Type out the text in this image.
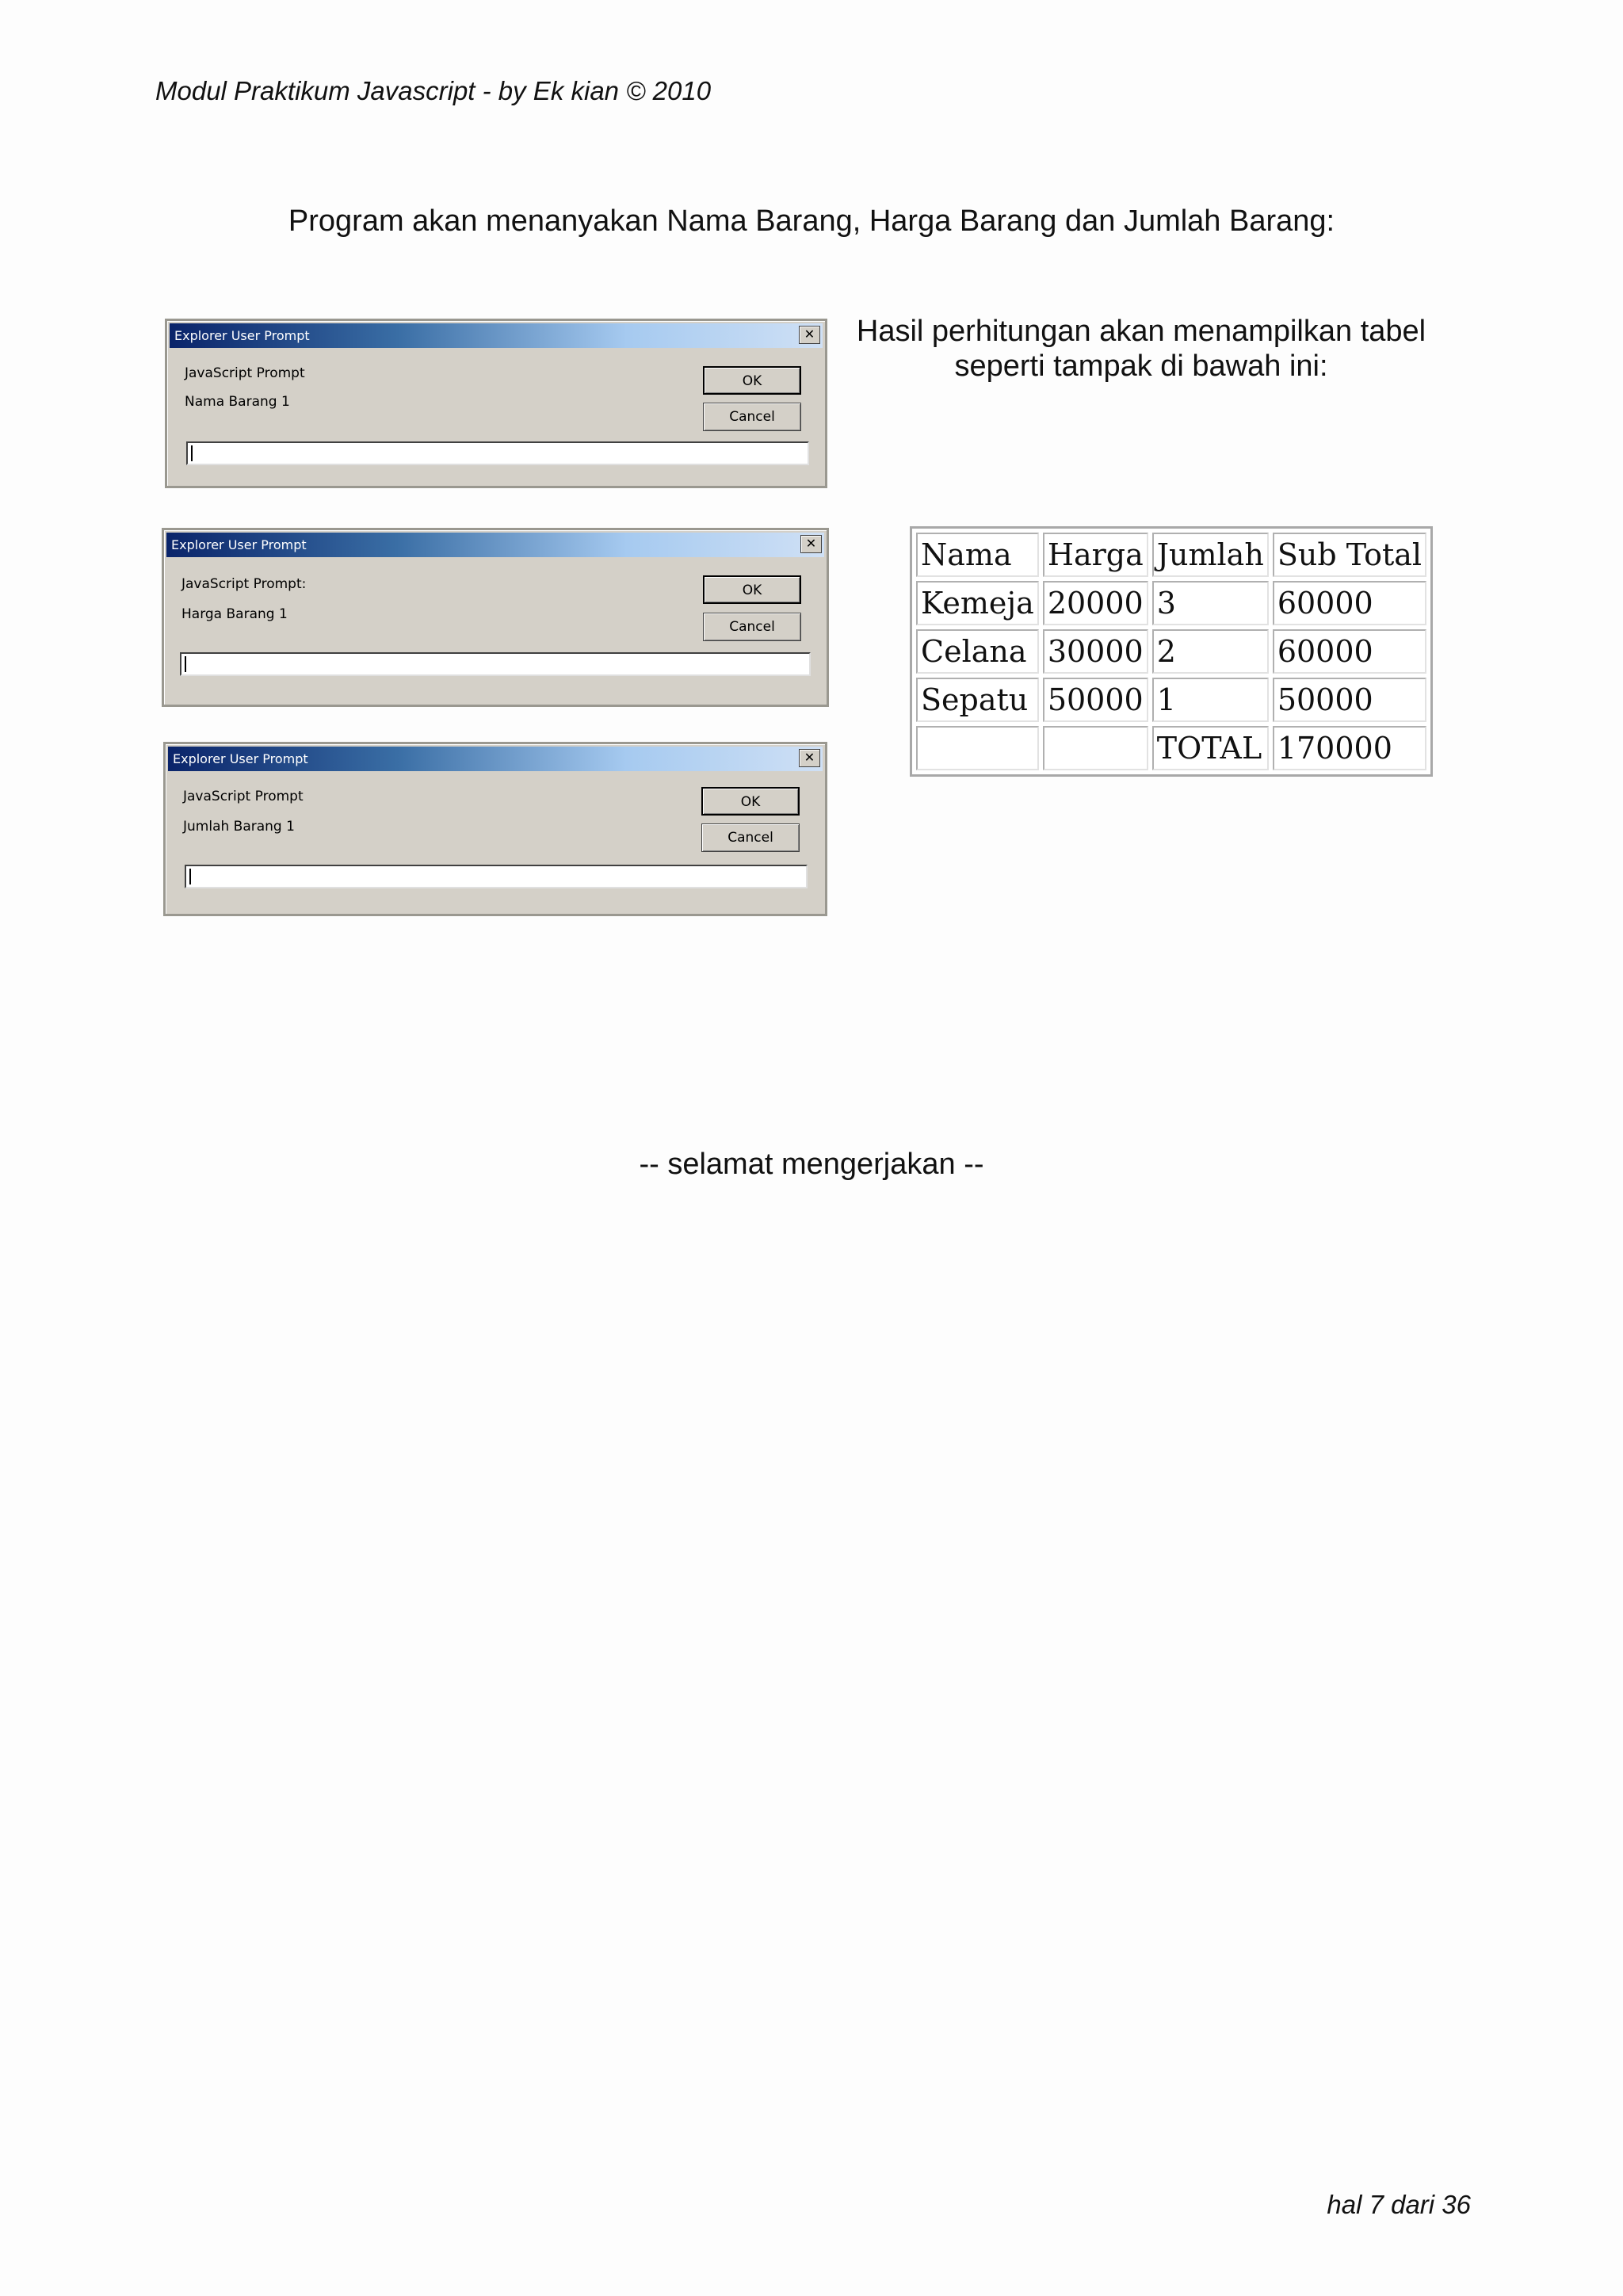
Modul Praktikum Javascript - by Ek kian © 2010
Program akan menanyakan Nama Barang, Harga Barang dan Jumlah Barang:
Hasil perhitungan akan menampilkan tabel
seperti tampak di bawah ini:
Explorer User Prompt	✕
JavaScript Prompt
Nama Barang 1
OK
Cancel
Explorer User Prompt	✕
JavaScript Prompt:
Harga Barang 1
OK
Cancel
Explorer User Prompt	✕
JavaScript Prompt
Jumlah Barang 1
OK
Cancel
Nama	Harga	Jumlah	Sub Total
Kemeja	20000	3	60000
Celana	30000	2	60000
Sepatu	50000	1	50000
		TOTAL	170000
-- selamat mengerjakan --
hal 7 dari 36
